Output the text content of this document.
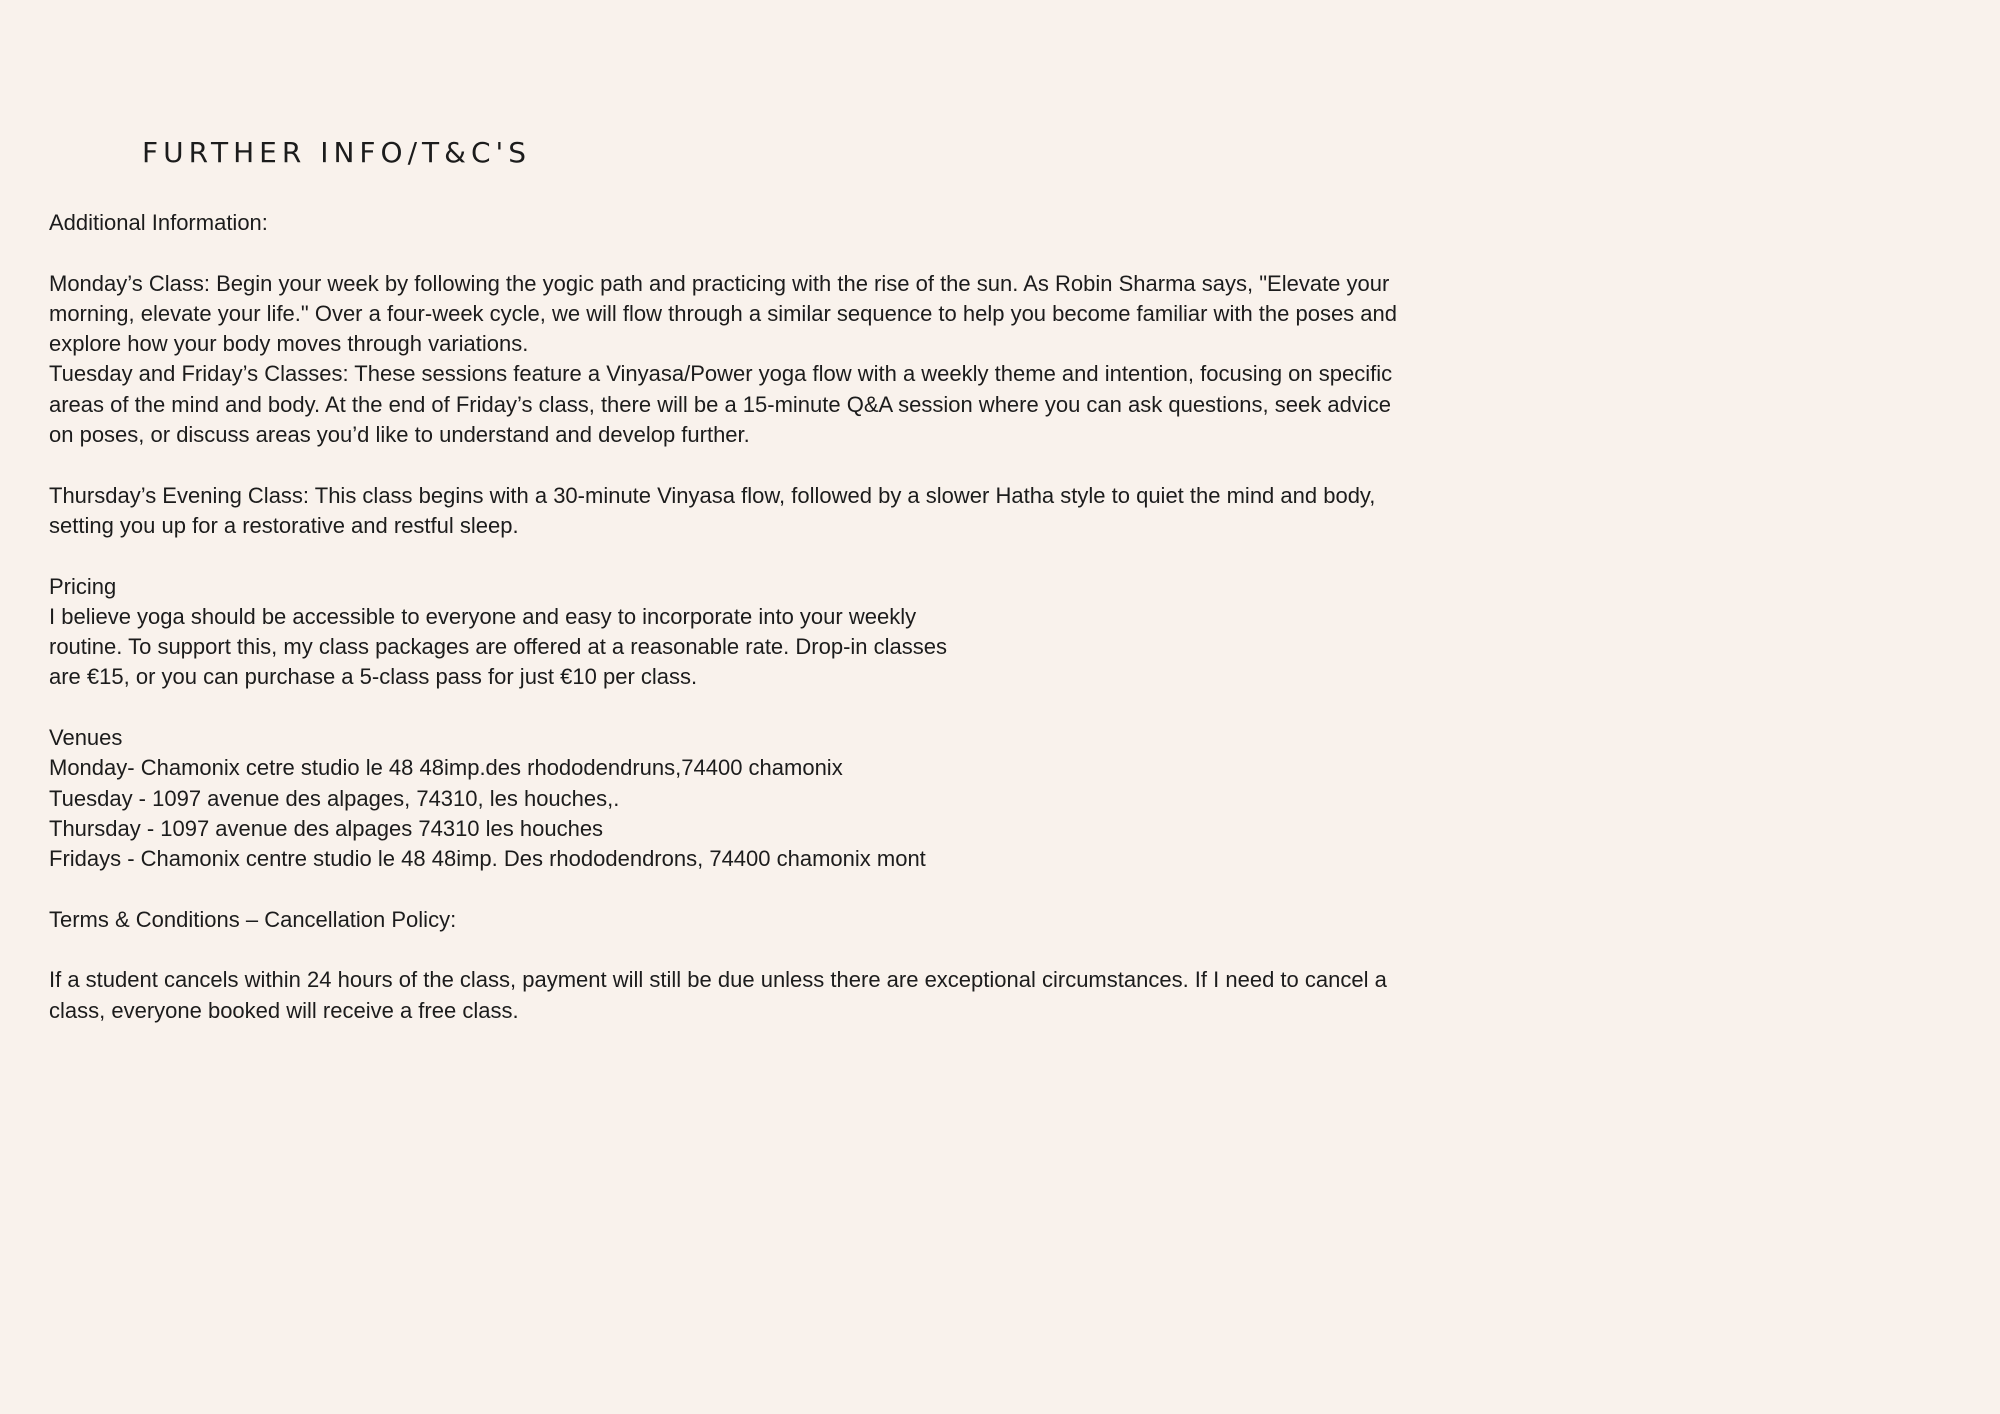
FURTHER INFO/T&C'S
Additional Information:
Monday’s Class: Begin your week by following the yogic path and practicing with the rise of the sun. As Robin Sharma says, "Elevate your
morning, elevate your life." Over a four-week cycle, we will flow through a similar sequence to help you become familiar with the poses and
explore how your body moves through variations.
Tuesday and Friday’s Classes: These sessions feature a Vinyasa/Power yoga flow with a weekly theme and intention, focusing on specific
areas of the mind and body. At the end of Friday’s class, there will be a 15-minute Q&A session where you can ask questions, seek advice
on poses, or discuss areas you’d like to understand and develop further.
Thursday’s Evening Class: This class begins with a 30-minute Vinyasa flow, followed by a slower Hatha style to quiet the mind and body,
setting you up for a restorative and restful sleep.
Pricing
I believe yoga should be accessible to everyone and easy to incorporate into your weekly
routine. To support this, my class packages are offered at a reasonable rate. Drop-in classes
are €15, or you can purchase a 5-class pass for just €10 per class.
Venues
Monday- Chamonix cetre studio le 48 48imp.des rhododendruns,74400 chamonix
Tuesday - 1097 avenue des alpages, 74310, les houches,.
Thursday - 1097 avenue des alpages 74310 les houches
Fridays - Chamonix centre studio le 48 48imp. Des rhododendrons, 74400 chamonix mont
Terms & Conditions – Cancellation Policy:
If a student cancels within 24 hours of the class, payment will still be due unless there are exceptional circumstances. If I need to cancel a
class, everyone booked will receive a free class.
